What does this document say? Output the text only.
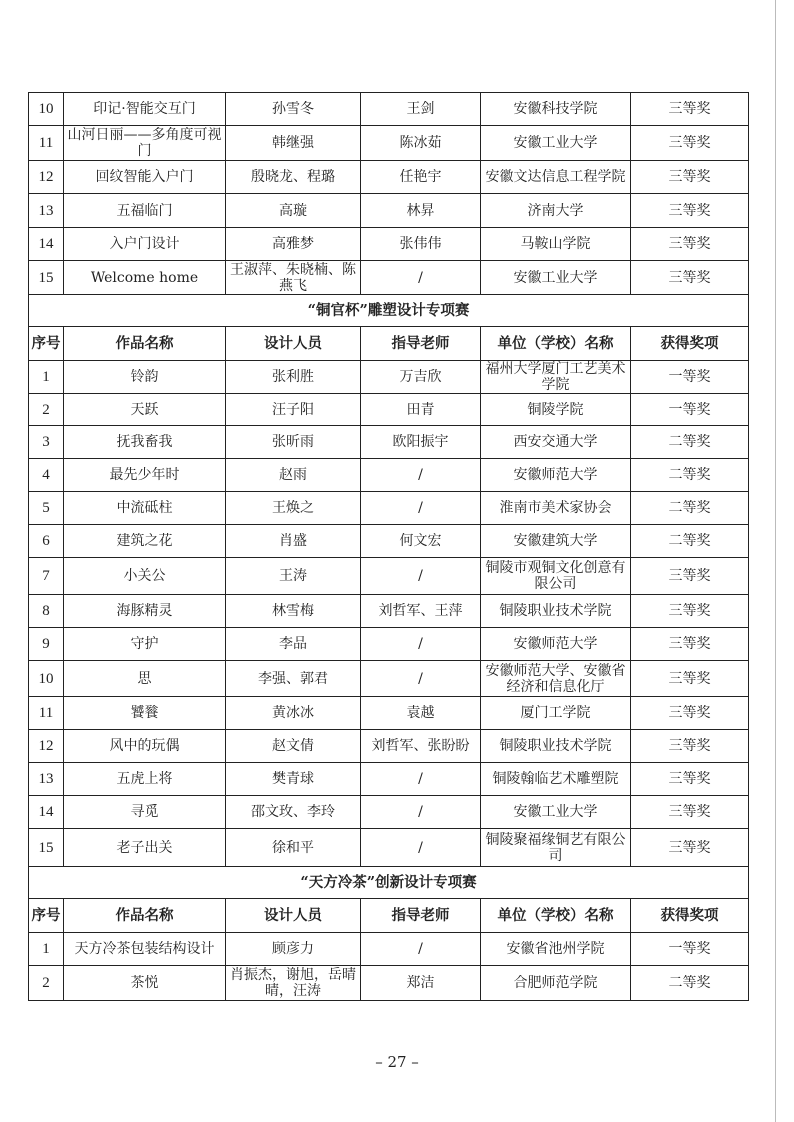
10	印记·智能交互门	孙雪冬	王剑	安徽科技学院	三等奖

11	山河日丽——多角度可视门	韩继强	陈冰茹	安徽工业大学	三等奖

12	回纹智能入户门	殷晓龙、程璐	任艳宇	安徽文达信息工程学院	三等奖

13	五福临门	高璇	林昇	济南大学	三等奖

14	入户门设计	高雅梦	张伟伟	马鞍山学院	三等奖

15	Welcome home	王淑萍、朱晓楠、陈燕飞	/	安徽工业大学	三等奖

“铜官杯”雕塑设计专项赛					
序号	作品名称	设计人员	指导老师	单位（学校）名称	获得奖项

1	铃韵	张利胜	万吉欣	福州大学厦门工艺美术学院	一等奖

2	天跃	汪子阳	田青	铜陵学院	一等奖

3	抚我畜我	张昕雨	欧阳振宇	西安交通大学	二等奖

4	最先少年时	赵雨	/	安徽师范大学	二等奖

5	中流砥柱	王焕之	/	淮南市美术家协会	二等奖

6	建筑之花	肖盛	何文宏	安徽建筑大学	二等奖

7	小关公	王涛	/	铜陵市观铜文化创意有限公司	三等奖

8	海豚精灵	林雪梅	刘哲军、王萍	铜陵职业技术学院	三等奖

9	守护	李品	/	安徽师范大学	三等奖

10	思	李强、郭君	/	安徽师范大学、安徽省经济和信息化厅	三等奖

11	饕餮	黄冰冰	袁越	厦门工学院	三等奖

12	风中的玩偶	赵文倩	刘哲军、张盼盼	铜陵职业技术学院	三等奖

13	五虎上将	樊青球	/	铜陵翰临艺术雕塑院	三等奖

14	寻觅	邵文玫、李玲	/	安徽工业大学	三等奖

15	老子出关	徐和平	/	铜陵聚福缘铜艺有限公司	三等奖

“天方冷茶”创新设计专项赛					
序号	作品名称	设计人员	指导老师	单位（学校）名称	获得奖项

1	天方冷茶包装结构设计	顾彦力	/	安徽省池州学院	一等奖

2	茶悦	肖振杰，谢旭，岳晴晴，汪涛	郑洁	合肥师范学院	二等奖
– 27 –
